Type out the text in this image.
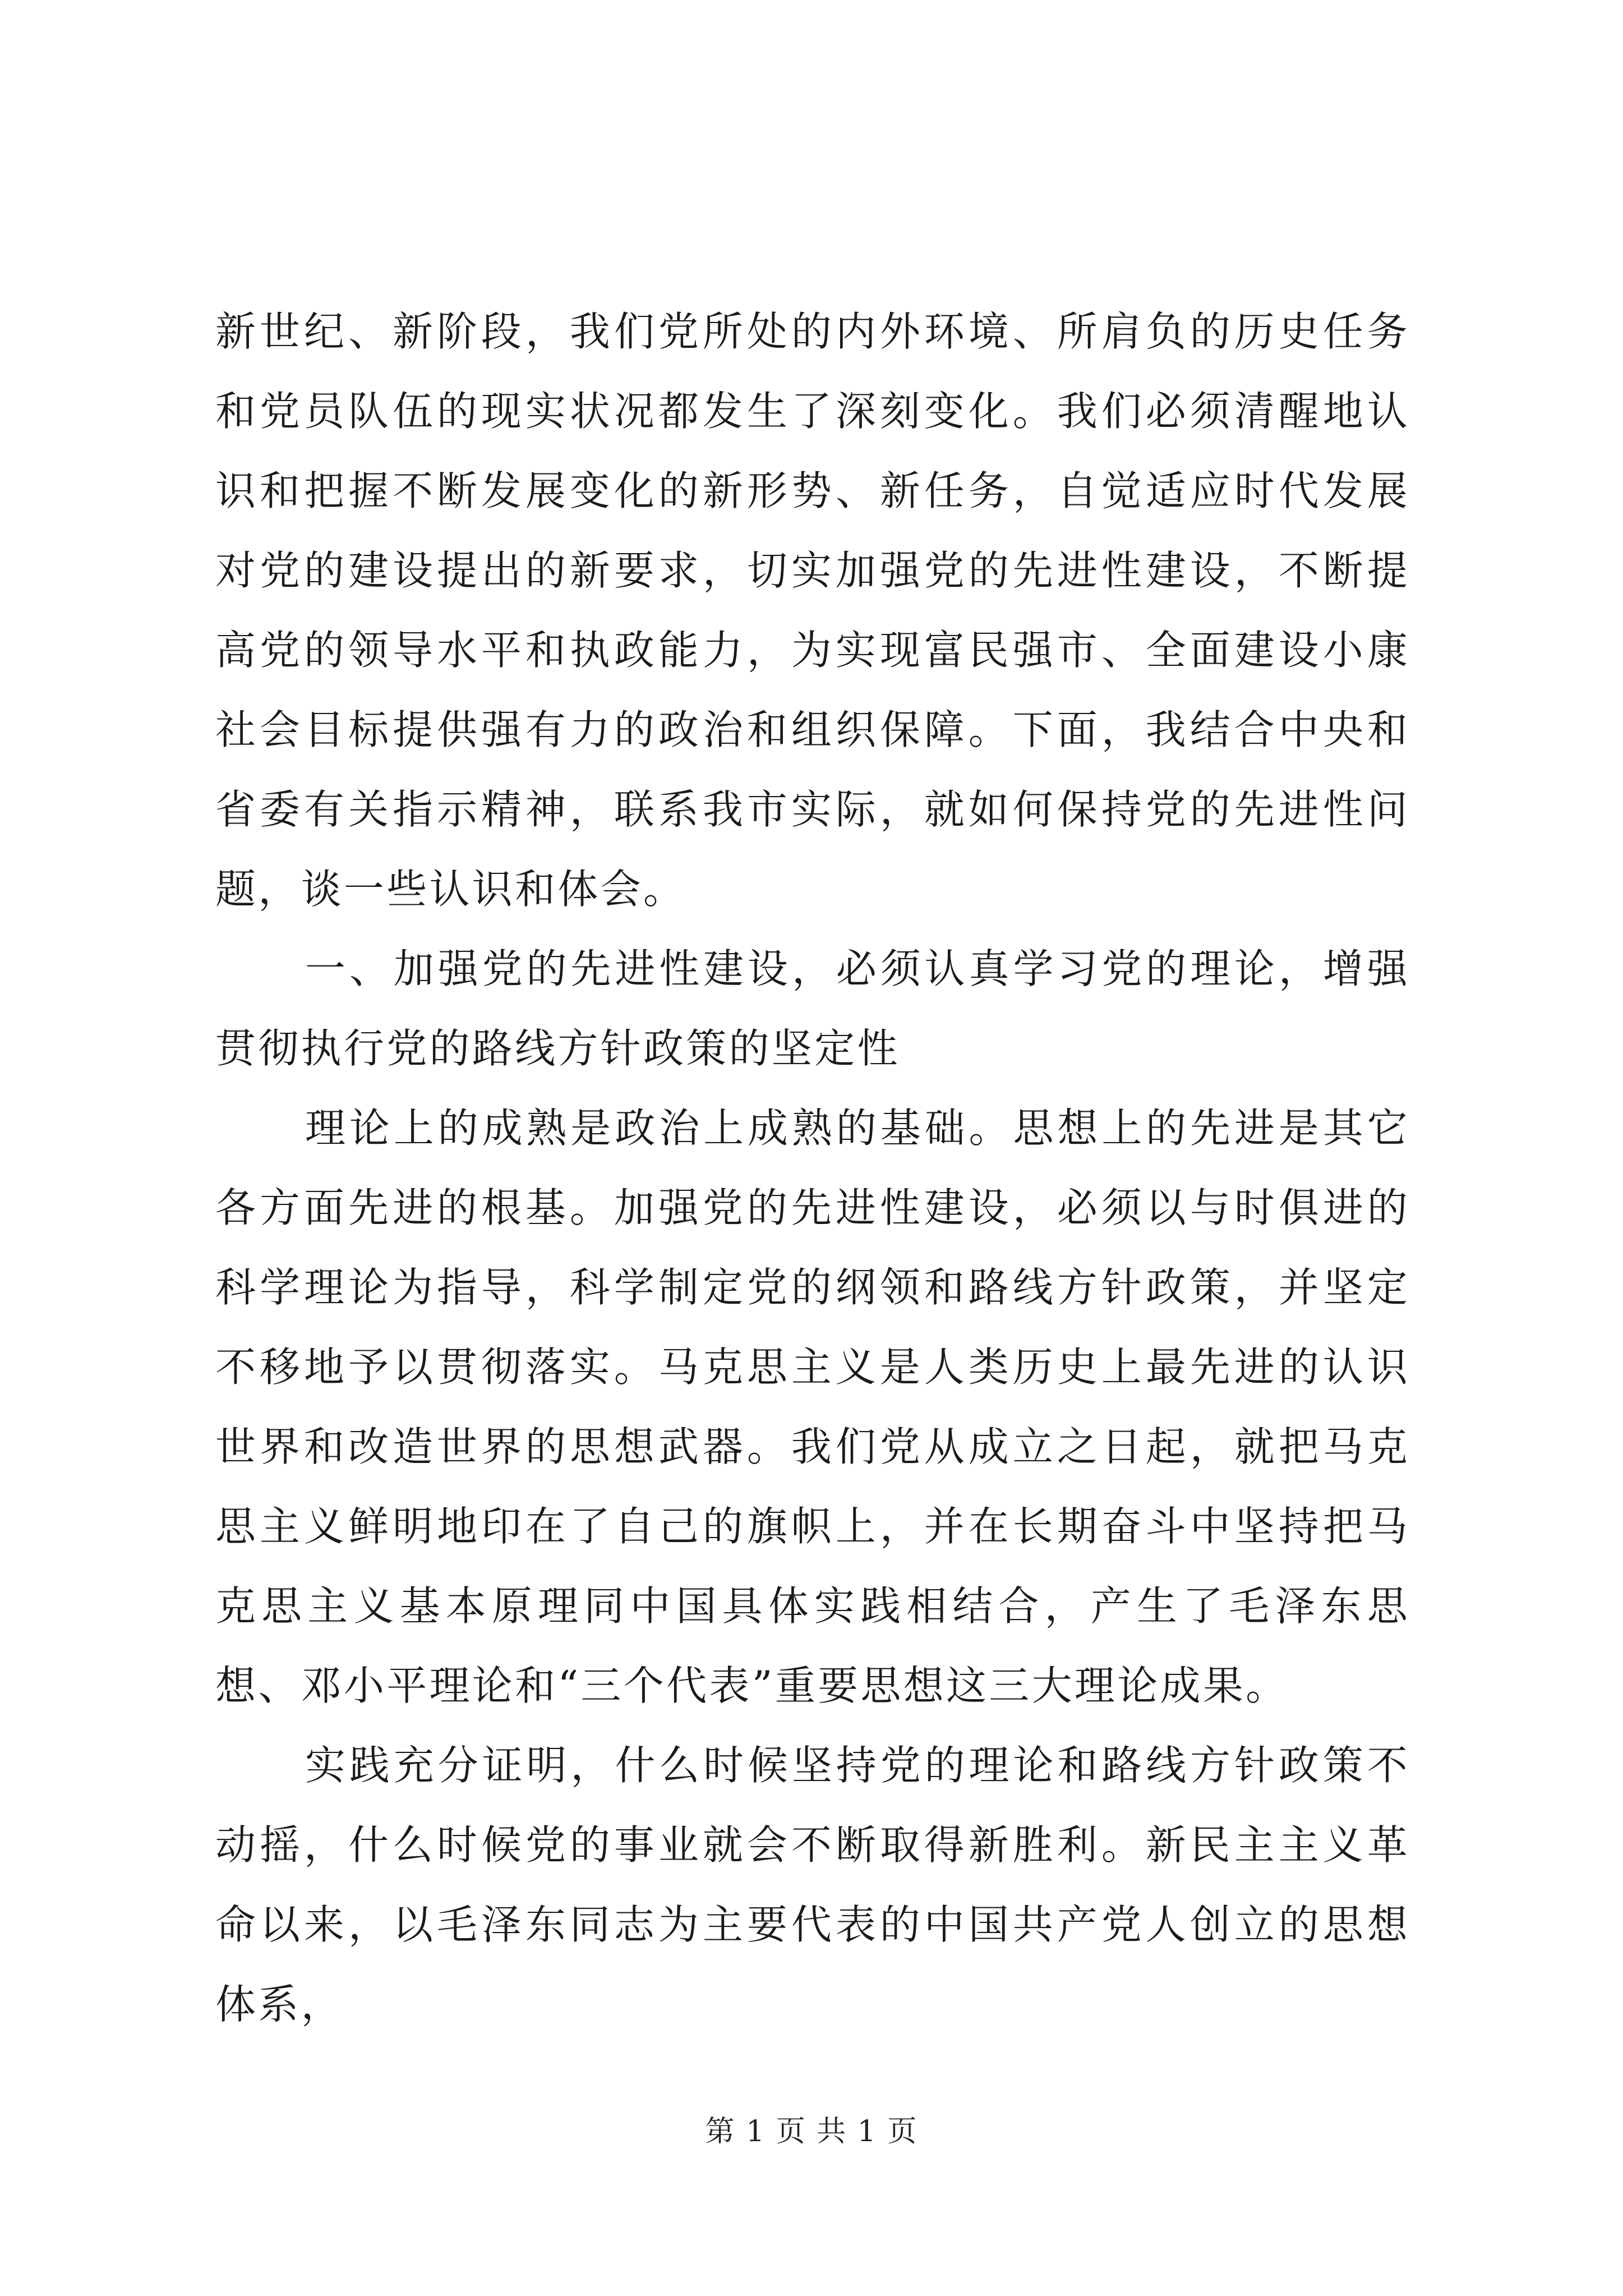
新世纪、新阶段，我们党所处的内外环境、所肩负的历史任务和党员队伍的现实状况都发生了深刻变化。我们必须清醒地认识和把握不断发展变化的新形势、新任务，自觉适应时代发展对党的建设提出的新要求，切实加强党的先进性建设，不断提高党的领导水平和执政能力，为实现富民强市、全面建设小康社会目标提供强有力的政治和组织保障。下面，我结合中央和省委有关指示精神，联系我市实际，就如何保持党的先进性问题，谈一些认识和体会。

一、加强党的先进性建设，必须认真学习党的理论，增强贯彻执行党的路线方针政策的坚定性

理论上的成熟是政治上成熟的基础。思想上的先进是其它各方面先进的根基。加强党的先进性建设，必须以与时俱进的科学理论为指导，科学制定党的纲领和路线方针政策，并坚定不移地予以贯彻落实。马克思主义是人类历史上最先进的认识世界和改造世界的思想武器。我们党从成立之日起，就把马克思主义鲜明地印在了自己的旗帜上，并在长期奋斗中坚持把马克思主义基本原理同中国具体实践相结合，产生了毛泽东思想、邓小平理论和“三个代表”重要思想这三大理论成果。

实践充分证明，什么时候坚持党的理论和路线方针政策不动摇，什么时候党的事业就会不断取得新胜利。新民主主义革命以来，以毛泽东同志为主要代表的中国共产党人创立的思想体系，

第 1 页 共 1 页
